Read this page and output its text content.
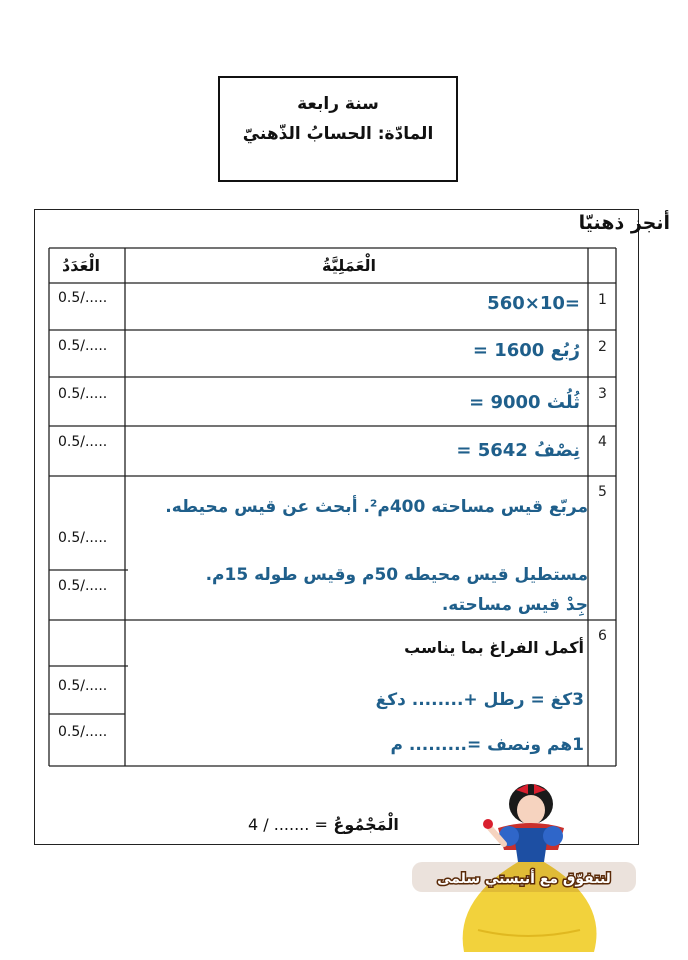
سنة رابعة
المادّة: الحسابُ الذّهنيّ
أنجز ذهنيّا
الْعَمَلِيَّةُ
الْعَدَدُ
1
=10×560
0.5/.....
2
رُبُع 1600 =
0.5/.....
3
ثُلُث 9000 =
0.5/.....
4
نِصْفُ 5642 =
0.5/.....
5
مربّع قيس مساحته 400م². أبحث عن قيس محيطه.
مستطيل قيس محيطه 50م وقيس طوله 15م.
جِدْ قيس مساحته.
0.5/.....
0.5/.....
6
أكمل الفراغ بما يناسب
3كغ = رطل +........ دكغ
1هم ونصف =......... م
0.5/.....
0.5/.....
الْمَجْمُوعُ = ....... / 4
لنتفوّق مع أنيستي سلمى
